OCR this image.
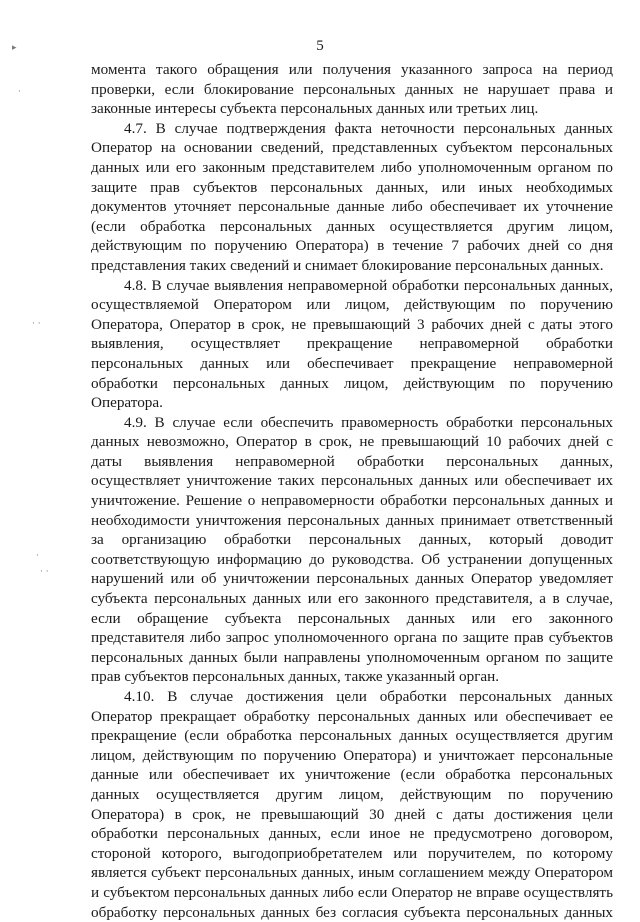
5
момента такого обращения или получения указанного запроса на период
проверки, если блокирование персональных данных не нарушает права и
законные интересы субъекта персональных данных или третьих лиц.
4.7. В случае подтверждения факта неточности персональных данных
Оператор на основании сведений, представленных субъектом персональных
данных или его законным представителем либо уполномоченным органом по
защите прав субъектов персональных данных, или иных необходимых
документов уточняет персональные данные либо обеспечивает их уточнение
(если обработка персональных данных осуществляется другим лицом,
действующим по поручению Оператора) в течение 7 рабочих дней со дня
представления таких сведений и снимает блокирование персональных данных.
4.8. В случае выявления неправомерной обработки персональных данных,
осуществляемой Оператором или лицом, действующим по поручению
Оператора, Оператор в срок, не превышающий 3 рабочих дней с даты этого
выявления, осуществляет прекращение неправомерной обработки
персональных данных или обеспечивает прекращение неправомерной
обработки персональных данных лицом, действующим по поручению
Оператора.
4.9. В случае если обеспечить правомерность обработки персональных
данных невозможно, Оператор в срок, не превышающий 10 рабочих дней с
даты выявления неправомерной обработки персональных данных,
осуществляет уничтожение таких персональных данных или обеспечивает их
уничтожение. Решение о неправомерности обработки персональных данных и
необходимости уничтожения персональных данных принимает ответственный
за организацию обработки персональных данных, который доводит
соответствующую информацию до руководства. Об устранении допущенных
нарушений или об уничтожении персональных данных Оператор уведомляет
субъекта персональных данных или его законного представителя, а в случае,
если обращение субъекта персональных данных или его законного
представителя либо запрос уполномоченного органа по защите прав субъектов
персональных данных были направлены уполномоченным органом по защите
прав субъектов персональных данных, также указанный орган.
4.10. В случае достижения цели обработки персональных данных
Оператор прекращает обработку персональных данных или обеспечивает ее
прекращение (если обработка персональных данных осуществляется другим
лицом, действующим по поручению Оператора) и уничтожает персональные
данные или обеспечивает их уничтожение (если обработка персональных
данных осуществляется другим лицом, действующим по поручению
Оператора) в срок, не превышающий 30 дней с даты достижения цели
обработки персональных данных, если иное не предусмотрено договором,
стороной которого, выгодоприобретателем или поручителем, по которому
является субъект персональных данных, иным соглашением между Оператором
и субъектом персональных данных либо если Оператор не вправе осуществлять
обработку персональных данных без согласия субъекта персональных данных
▸
·
· ·
·
· ·
